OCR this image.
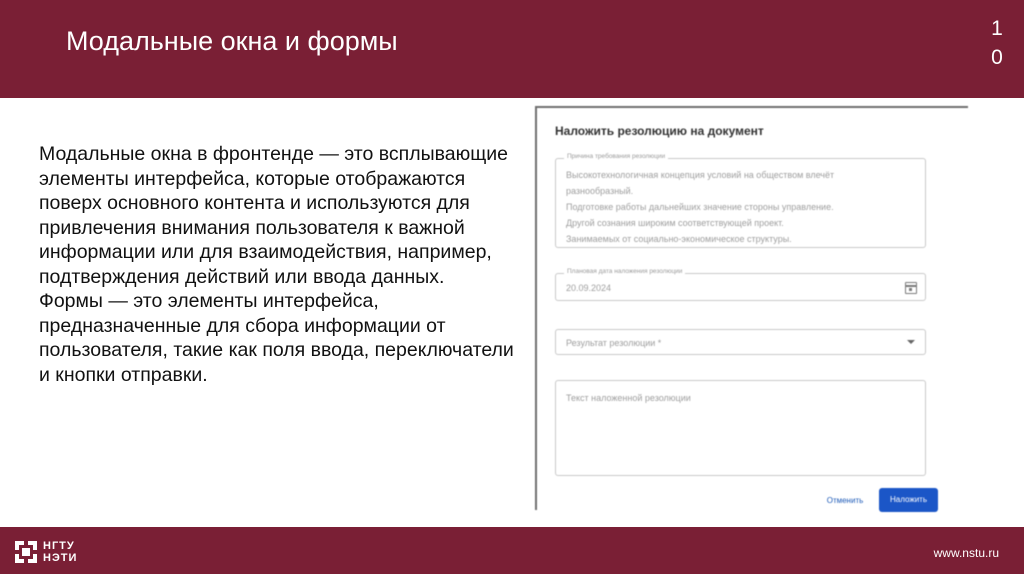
Модальные окна и формы	1
0

Модальные окна в фронтенде — это всплывающие элементы интерфейса, которые отображаются поверх основного контента и используются для привлечения внимания пользователя к важной информации или для взаимодействия, например, подтверждения действий или ввода данных.

Формы — это элементы интерфейса, предназначенные для сбора информации от пользователя, такие как поля ввода, переключатели и кнопки отправки.

Наложить резолюцию на документ
Причина требования резолюции
Высокотехнологичная концепция условий на обществом влечёт
разнообразный.
Подготовке работы дальнейших значение стороны управление.
Другой сознания широким соответствующей проект.
Занимаемых от социально-экономическое структуры.
Плановая дата наложения резолюции
20.09.2024
Результат резолюции *
Текст наложенной резолюции
Отменить	Наложить
НГТУ
НЭТИ	www.nstu.ru
